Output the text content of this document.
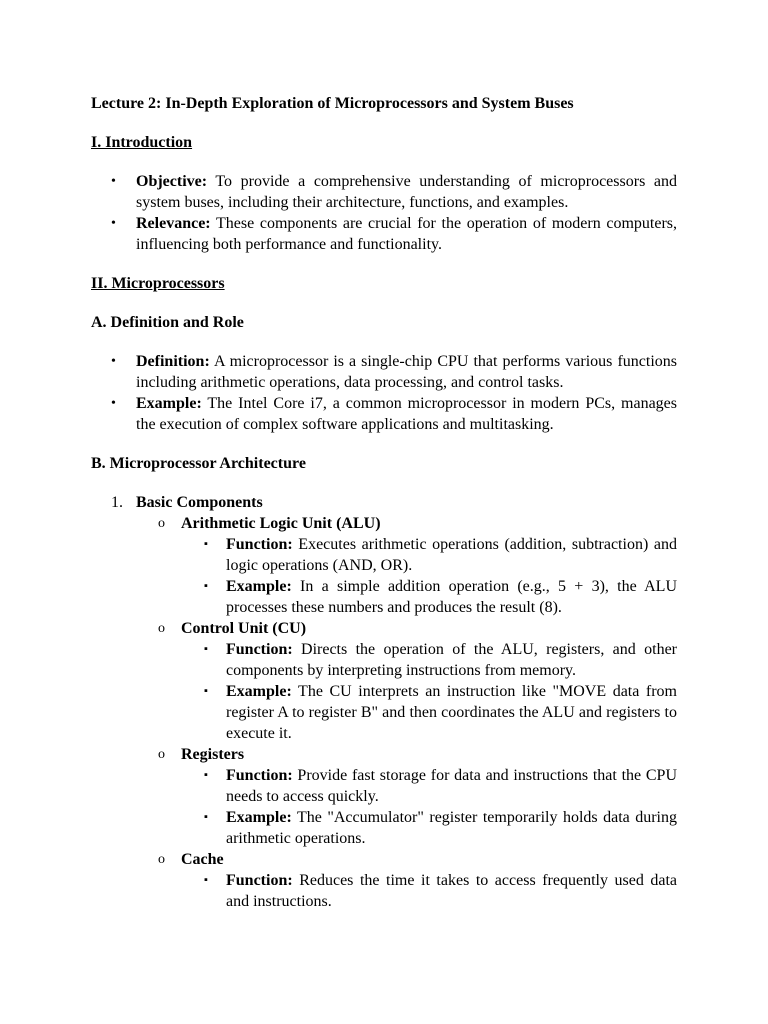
Lecture 2: In-Depth Exploration of Microprocessors and System Buses
I. Introduction
• Objective: To provide a comprehensive understanding of microprocessors and system buses, including their architecture, functions, and examples.
• Relevance: These components are crucial for the operation of modern computers, influencing both performance and functionality.
II. Microprocessors
A. Definition and Role
• Definition: A microprocessor is a single-chip CPU that performs various functions including arithmetic operations, data processing, and control tasks.
• Example: The Intel Core i7, a common microprocessor in modern PCs, manages the execution of complex software applications and multitasking.
B. Microprocessor Architecture
1. Basic Components
o Arithmetic Logic Unit (ALU)
▪ Function: Executes arithmetic operations (addition, subtraction) and logic operations (AND, OR).
▪ Example: In a simple addition operation (e.g., 5 + 3), the ALU processes these numbers and produces the result (8).
o Control Unit (CU)
▪ Function: Directs the operation of the ALU, registers, and other components by interpreting instructions from memory.
▪ Example: The CU interprets an instruction like "MOVE data from register A to register B" and then coordinates the ALU and registers to execute it.
o Registers
▪ Function: Provide fast storage for data and instructions that the CPU needs to access quickly.
▪ Example: The "Accumulator" register temporarily holds data during arithmetic operations.
o Cache
▪ Function: Reduces the time it takes to access frequently used data and instructions.
